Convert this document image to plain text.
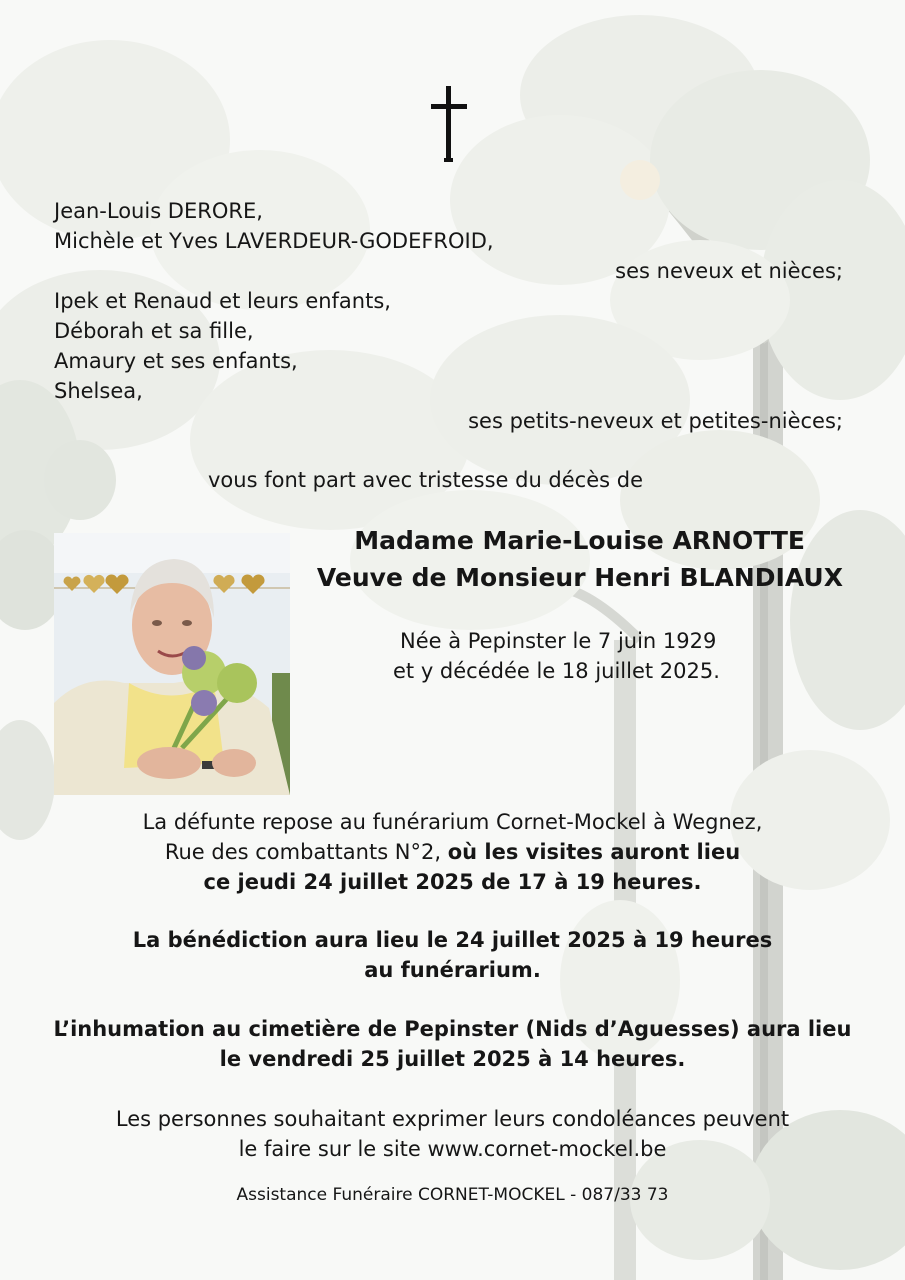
Jean-Louis DERORE,
Michèle et Yves LAVERDEUR-GODEFROID,
ses neveux et nièces;
Ipek et Renaud et leurs enfants,
Déborah et sa fille,
Amaury et ses enfants,
Shelsea,
ses petits-neveux et petites-nièces;
vous font part avec tristesse du décès de
Madame Marie-Louise ARNOTTE
Veuve de Monsieur Henri BLANDIAUX
Née à Pepinster le 7 juin 1929
et y décédée le 18 juillet 2025.
La défunte repose au funérarium Cornet-Mockel à Wegnez,
Rue des combattants N°2, où les visites auront lieu
ce jeudi 24 juillet 2025 de 17 à 19 heures.
La bénédiction aura lieu le 24 juillet 2025 à 19 heures
au funérarium.
L’inhumation au cimetière de Pepinster (Nids d’Aguesses) aura lieu
le vendredi 25 juillet 2025 à 14 heures.
Les personnes souhaitant exprimer leurs condoléances peuvent
le faire sur le site www.cornet-mockel.be
Assistance Funéraire CORNET-MOCKEL - 087/33 73
